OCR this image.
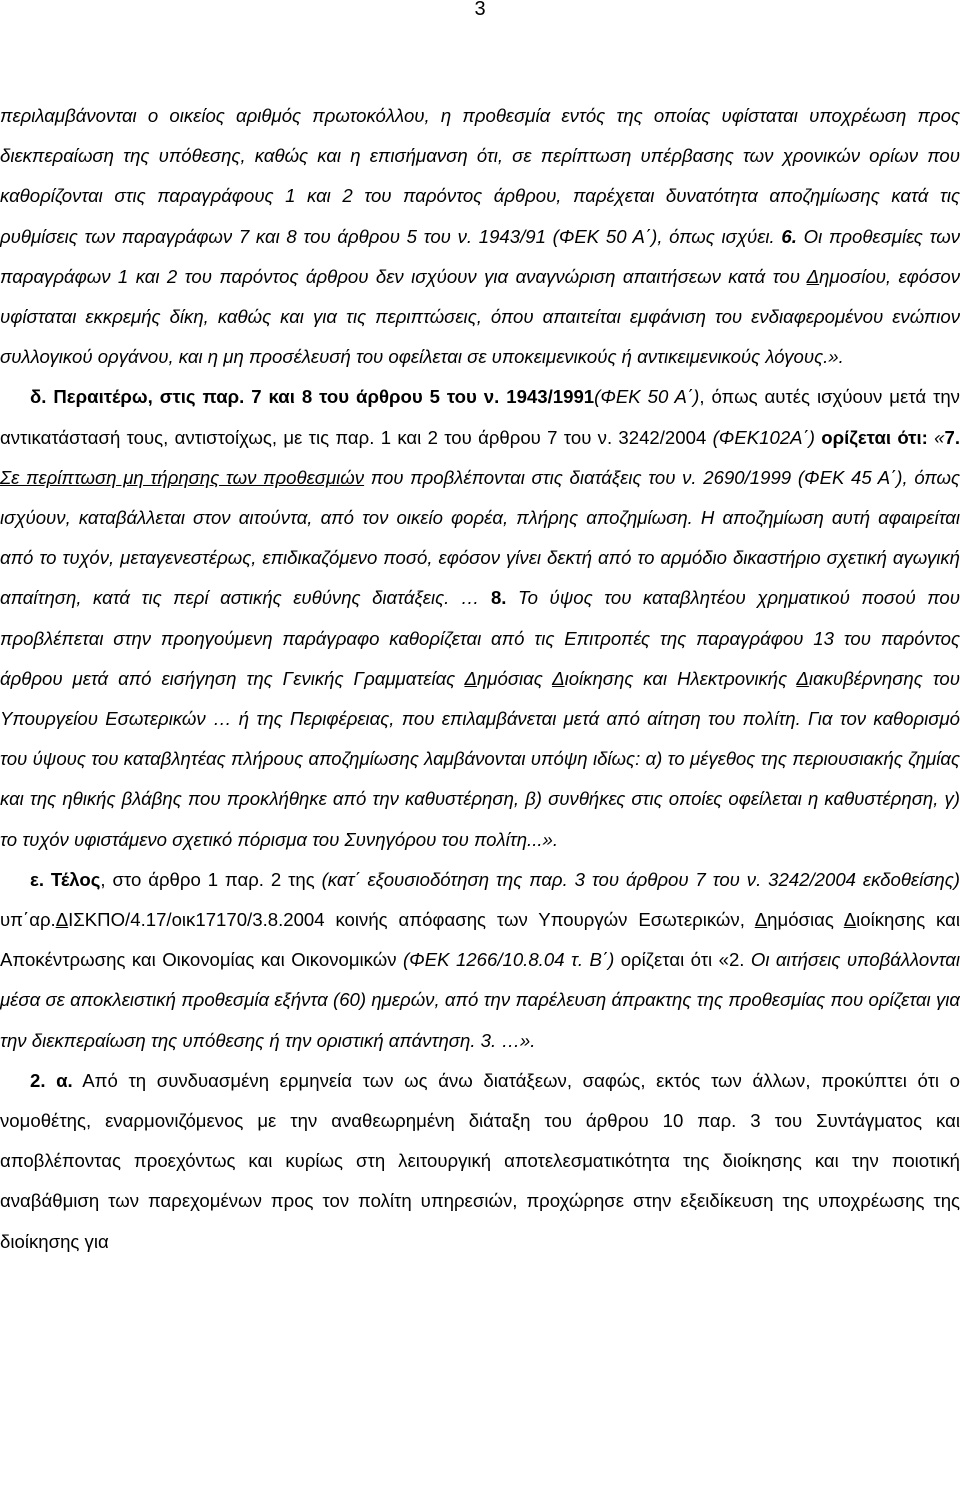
3

περιλαμβάνονται ο οικείος αριθμός πρωτοκόλλου, η προθεσμία εντός της οποίας υφίσταται υποχρέωση προς διεκπεραίωση της υπόθεσης, καθώς και η επισήμανση ότι, σε περίπτωση υπέρβασης των χρονικών ορίων που καθορίζονται στις παραγράφους 1 και 2 του παρόντος άρθρου, παρέχεται δυνατότητα αποζημίωσης κατά τις ρυθμίσεις των παραγράφων 7 και 8 του άρθρου 5 του ν. 1943/91 (ΦΕΚ 50 Α΄), όπως ισχύει. 6. Οι προθεσμίες των παραγράφων 1 και 2 του παρόντος άρθρου δεν ισχύουν για αναγνώριση απαιτήσεων κατά του Δημοσίου, εφόσον υφίσταται εκκρεμής δίκη, καθώς και για τις περιπτώσεις, όπου απαιτείται εμφάνιση του ενδιαφερομένου ενώπιον συλλογικού οργάνου, και η μη προσέλευσή του οφείλεται σε υποκειμενικούς ή αντικειμενικούς λόγους.».

δ. Περαιτέρω, στις παρ. 7 και 8 του άρθρου 5 του ν. 1943/1991(ΦΕΚ 50 Α΄), όπως αυτές ισχύουν μετά την αντικατάστασή τους, αντιστοίχως, με τις παρ. 1 και 2 του άρθρου 7 του ν. 3242/2004 (ΦΕΚ102Α΄) ορίζεται ότι: «7. Σε περίπτωση μη τήρησης των προθεσμιών που προβλέπονται στις διατάξεις του ν. 2690/1999 (ΦΕΚ 45 Α΄), όπως ισχύουν, καταβάλλεται στον αιτούντα, από τον οικείο φορέα, πλήρης αποζημίωση. Η αποζημίωση αυτή αφαιρείται από το τυχόν, μεταγενεστέρως, επιδικαζόμενο ποσό, εφόσον γίνει δεκτή από το αρμόδιο δικαστήριο σχετική αγωγική απαίτηση, κατά τις περί αστικής ευθύνης διατάξεις. … 8. Το ύψος του καταβλητέου χρηματικού ποσού που προβλέπεται στην προηγούμενη παράγραφο καθορίζεται από τις Επιτροπές της παραγράφου 13 του παρόντος άρθρου μετά από εισήγηση της Γενικής Γραμματείας Δημόσιας Διοίκησης και Ηλεκτρονικής Διακυβέρνησης του Υπουργείου Εσωτερικών … ή της Περιφέρειας, που επιλαμβάνεται μετά από αίτηση του πολίτη. Για τον καθορισμό του ύψους του καταβλητέας πλήρους αποζημίωσης λαμβάνονται υπόψη ιδίως: α) το μέγεθος της περιουσιακής ζημίας και της ηθικής βλάβης που προκλήθηκε από την καθυστέρηση, β) συνθήκες στις οποίες οφείλεται η καθυστέρηση, γ) το τυχόν υφιστάμενο σχετικό πόρισμα του Συνηγόρου του πολίτη...».

ε. Τέλος, στο άρθρο 1 παρ. 2 της (κατ΄ εξουσιοδότηση της παρ. 3 του άρθρου 7 του ν. 3242/2004 εκδοθείσης) υπ΄αρ.ΔΙΣΚΠΟ/4.17/οικ17170/3.8.2004 κοινής απόφασης των Υπουργών Εσωτερικών, Δημόσιας Διοίκησης και Αποκέντρωσης και Οικονομίας και Οικονομικών (ΦΕΚ 1266/10.8.04 τ. Β΄) ορίζεται ότι «2. Οι αιτήσεις υποβάλλονται μέσα σε αποκλειστική προθεσμία εξήντα (60) ημερών, από την παρέλευση άπρακτης της προθεσμίας που ορίζεται για την διεκπεραίωση της υπόθεσης ή την οριστική απάντηση. 3. …».

2. α. Από τη συνδυασμένη ερμηνεία των ως άνω διατάξεων, σαφώς, εκτός των άλλων, προκύπτει ότι ο νομοθέτης, εναρμονιζόμενος με την αναθεωρημένη διάταξη του άρθρου 10 παρ. 3 του Συντάγματος και αποβλέποντας προεχόντως και κυρίως στη λειτουργική αποτελεσματικότητα της διοίκησης και την ποιοτική αναβάθμιση των παρεχομένων προς τον πολίτη υπηρεσιών, προχώρησε στην εξειδίκευση της υποχρέωσης της διοίκησης για
